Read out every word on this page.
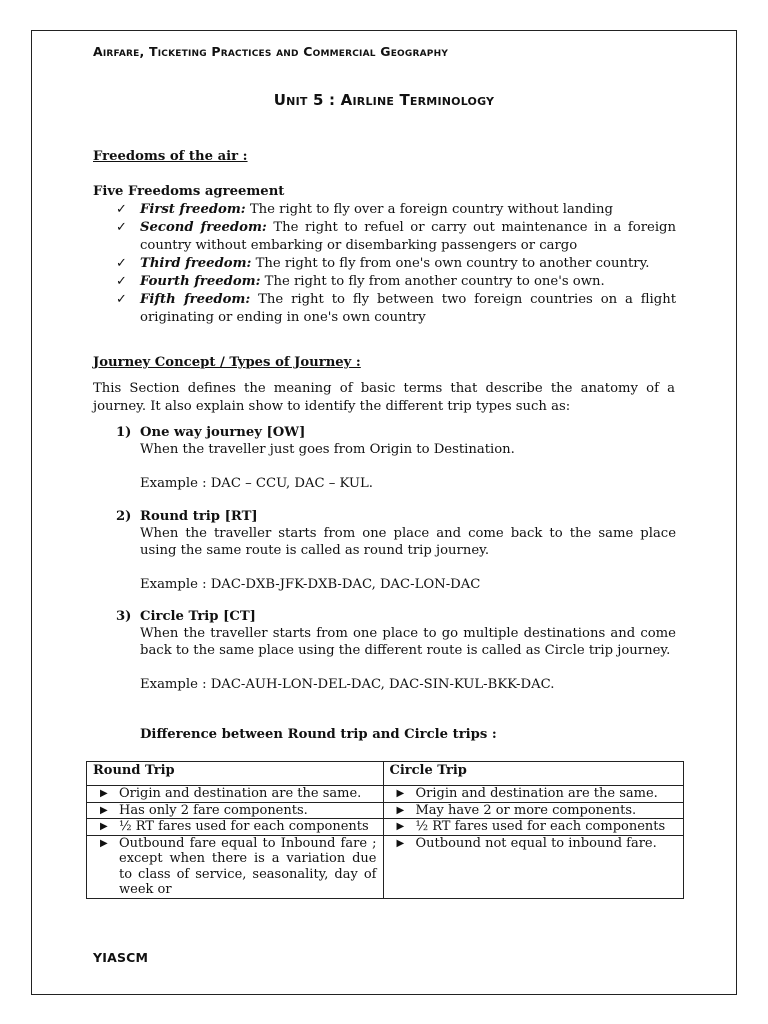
Airfare, Ticketing Practices and Commercial Geography
Unit 5 : Airline Terminology
Freedoms of the air :
Five Freedoms agreement
✓ First freedom: The right to fly over a foreign country without landing
✓ Second freedom: The right to refuel or carry out maintenance in a foreign country without embarking or disembarking passengers or cargo
✓ Third freedom: The right to fly from one's own country to another country.
✓ Fourth freedom: The right to fly from another country to one's own.
✓ Fifth freedom: The right to fly between two foreign countries on a flight originating or ending in one's own country
Journey Concept / Types of Journey :
This Section defines the meaning of basic terms that describe the anatomy of a journey. It also explain show to identify the different trip types such as:
1) One way journey [OW]
When the traveller just goes from Origin to Destination.
Example : DAC – CCU, DAC – KUL.
2) Round trip [RT]
When the traveller starts from one place and come back to the same place using the same route is called as round trip journey.
Example : DAC-DXB-JFK-DXB-DAC, DAC-LON-DAC
3) Circle Trip [CT]
When the traveller starts from one place to go multiple destinations and come back to the same place using the different route is called as Circle trip journey.
Example : DAC-AUH-LON-DEL-DAC, DAC-SIN-KUL-BKK-DAC.
Difference between Round trip and Circle trips :
Round Trip	Circle Trip

▶ Origin and destination are the same.	▶ Origin and destination are the same.

▶ Has only 2 fare components.	▶ May have 2 or more components.

▶ ½ RT fares used for each components	▶ ½ RT fares used for each components

▶ Outbound fare equal to Inbound fare ; except when there is a variation due to class of service, seasonality, day of week or	▶ Outbound not equal to inbound fare.
YIASCM
